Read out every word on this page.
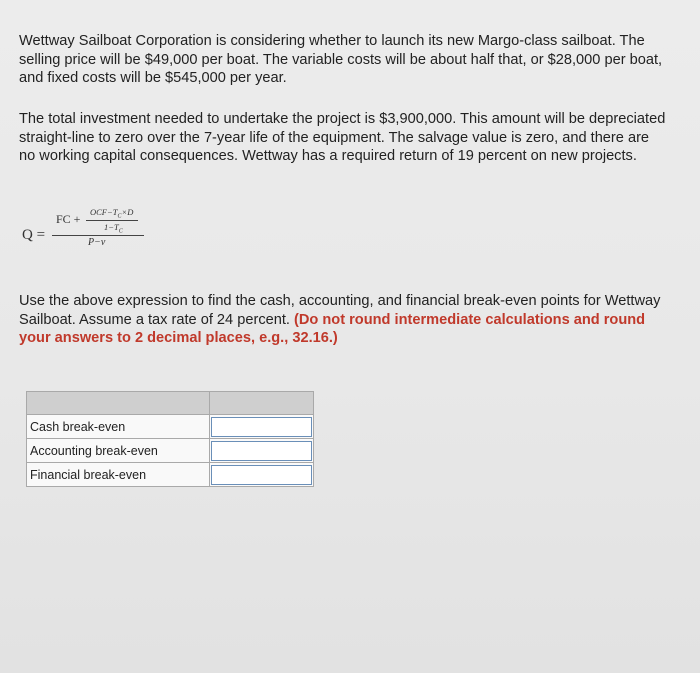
Wettway Sailboat Corporation is considering whether to launch its new Margo-class sailboat. The selling price will be $49,000 per boat. The variable costs will be about half that, or $28,000 per boat, and fixed costs will be $545,000 per year.

The total investment needed to undertake the project is $3,900,000. This amount will be depreciated straight-line to zero over the 7-year life of the equipment. The salvage value is zero, and there are no working capital consequences. Wettway has a required return of 19 percent on new projects.

Q =
FC + $OCF-T_C\times D$
$1-T_C$
P−v

Use the above expression to find the cash, accounting, and financial break-even points for Wettway Sailboat. Assume a tax rate of 24 percent. (Do not round intermediate calculations and round your answers to 2 decimal places, e.g., 32.16.)

Cash break-even	
Accounting break-even	
Financial break-even	
